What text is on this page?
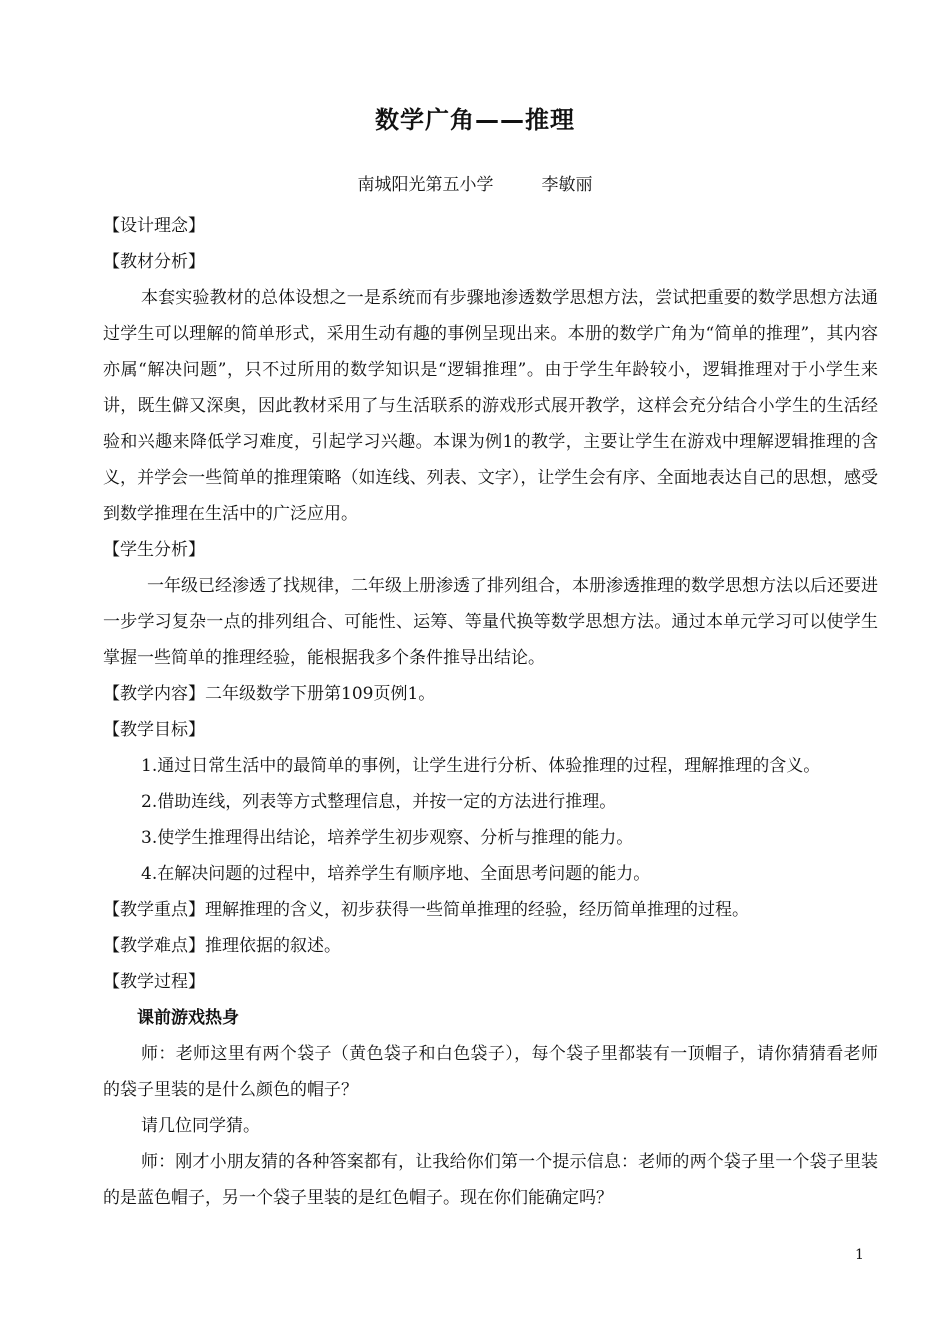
数学广角——推理
南城阳光第五小学	李敏丽

【设计理念】

【教材分析】

本套实验教材的总体设想之一是系统而有步骤地渗透数学思想方法，尝试把重要的数学思想方法通过学生可以理解的简单形式，采用生动有趣的事例呈现出来。本册的数学广角为“简单的推理”，其内容亦属“解决问题”，只不过所用的数学知识是“逻辑推理”。由于学生年龄较小，逻辑推理对于小学生来讲，既生僻又深奥，因此教材采用了与生活联系的游戏形式展开教学，这样会充分结合小学生的生活经验和兴趣来降低学习难度，引起学习兴趣。本课为例1的教学，主要让学生在游戏中理解逻辑推理的含义，并学会一些简单的推理策略（如连线、列表、文字），让学生会有序、全面地表达自己的思想，感受到数学推理在生活中的广泛应用。

【学生分析】

一年级已经渗透了找规律，二年级上册渗透了排列组合，本册渗透推理的数学思想方法以后还要进一步学习复杂一点的排列组合、可能性、运筹、等量代换等数学思想方法。通过本单元学习可以使学生掌握一些简单的推理经验，能根据我多个条件推导出结论。

【教学内容】二年级数学下册第109页例1。

【教学目标】

1.通过日常生活中的最简单的事例，让学生进行分析、体验推理的过程，理解推理的含义。

2.借助连线，列表等方式整理信息，并按一定的方法进行推理。

3.使学生推理得出结论，培养学生初步观察、分析与推理的能力。

4.在解决问题的过程中，培养学生有顺序地、全面思考问题的能力。

【教学重点】理解推理的含义，初步获得一些简单推理的经验，经历简单推理的过程。

【教学难点】推理依据的叙述。

【教学过程】

课前游戏热身

师：老师这里有两个袋子（黄色袋子和白色袋子），每个袋子里都装有一顶帽子，请你猜猜看老师的袋子里装的是什么颜色的帽子？

请几位同学猜。

师：刚才小朋友猜的各种答案都有，让我给你们第一个提示信息：老师的两个袋子里一个袋子里装的是蓝色帽子，另一个袋子里装的是红色帽子。现在你们能确定吗？

1
